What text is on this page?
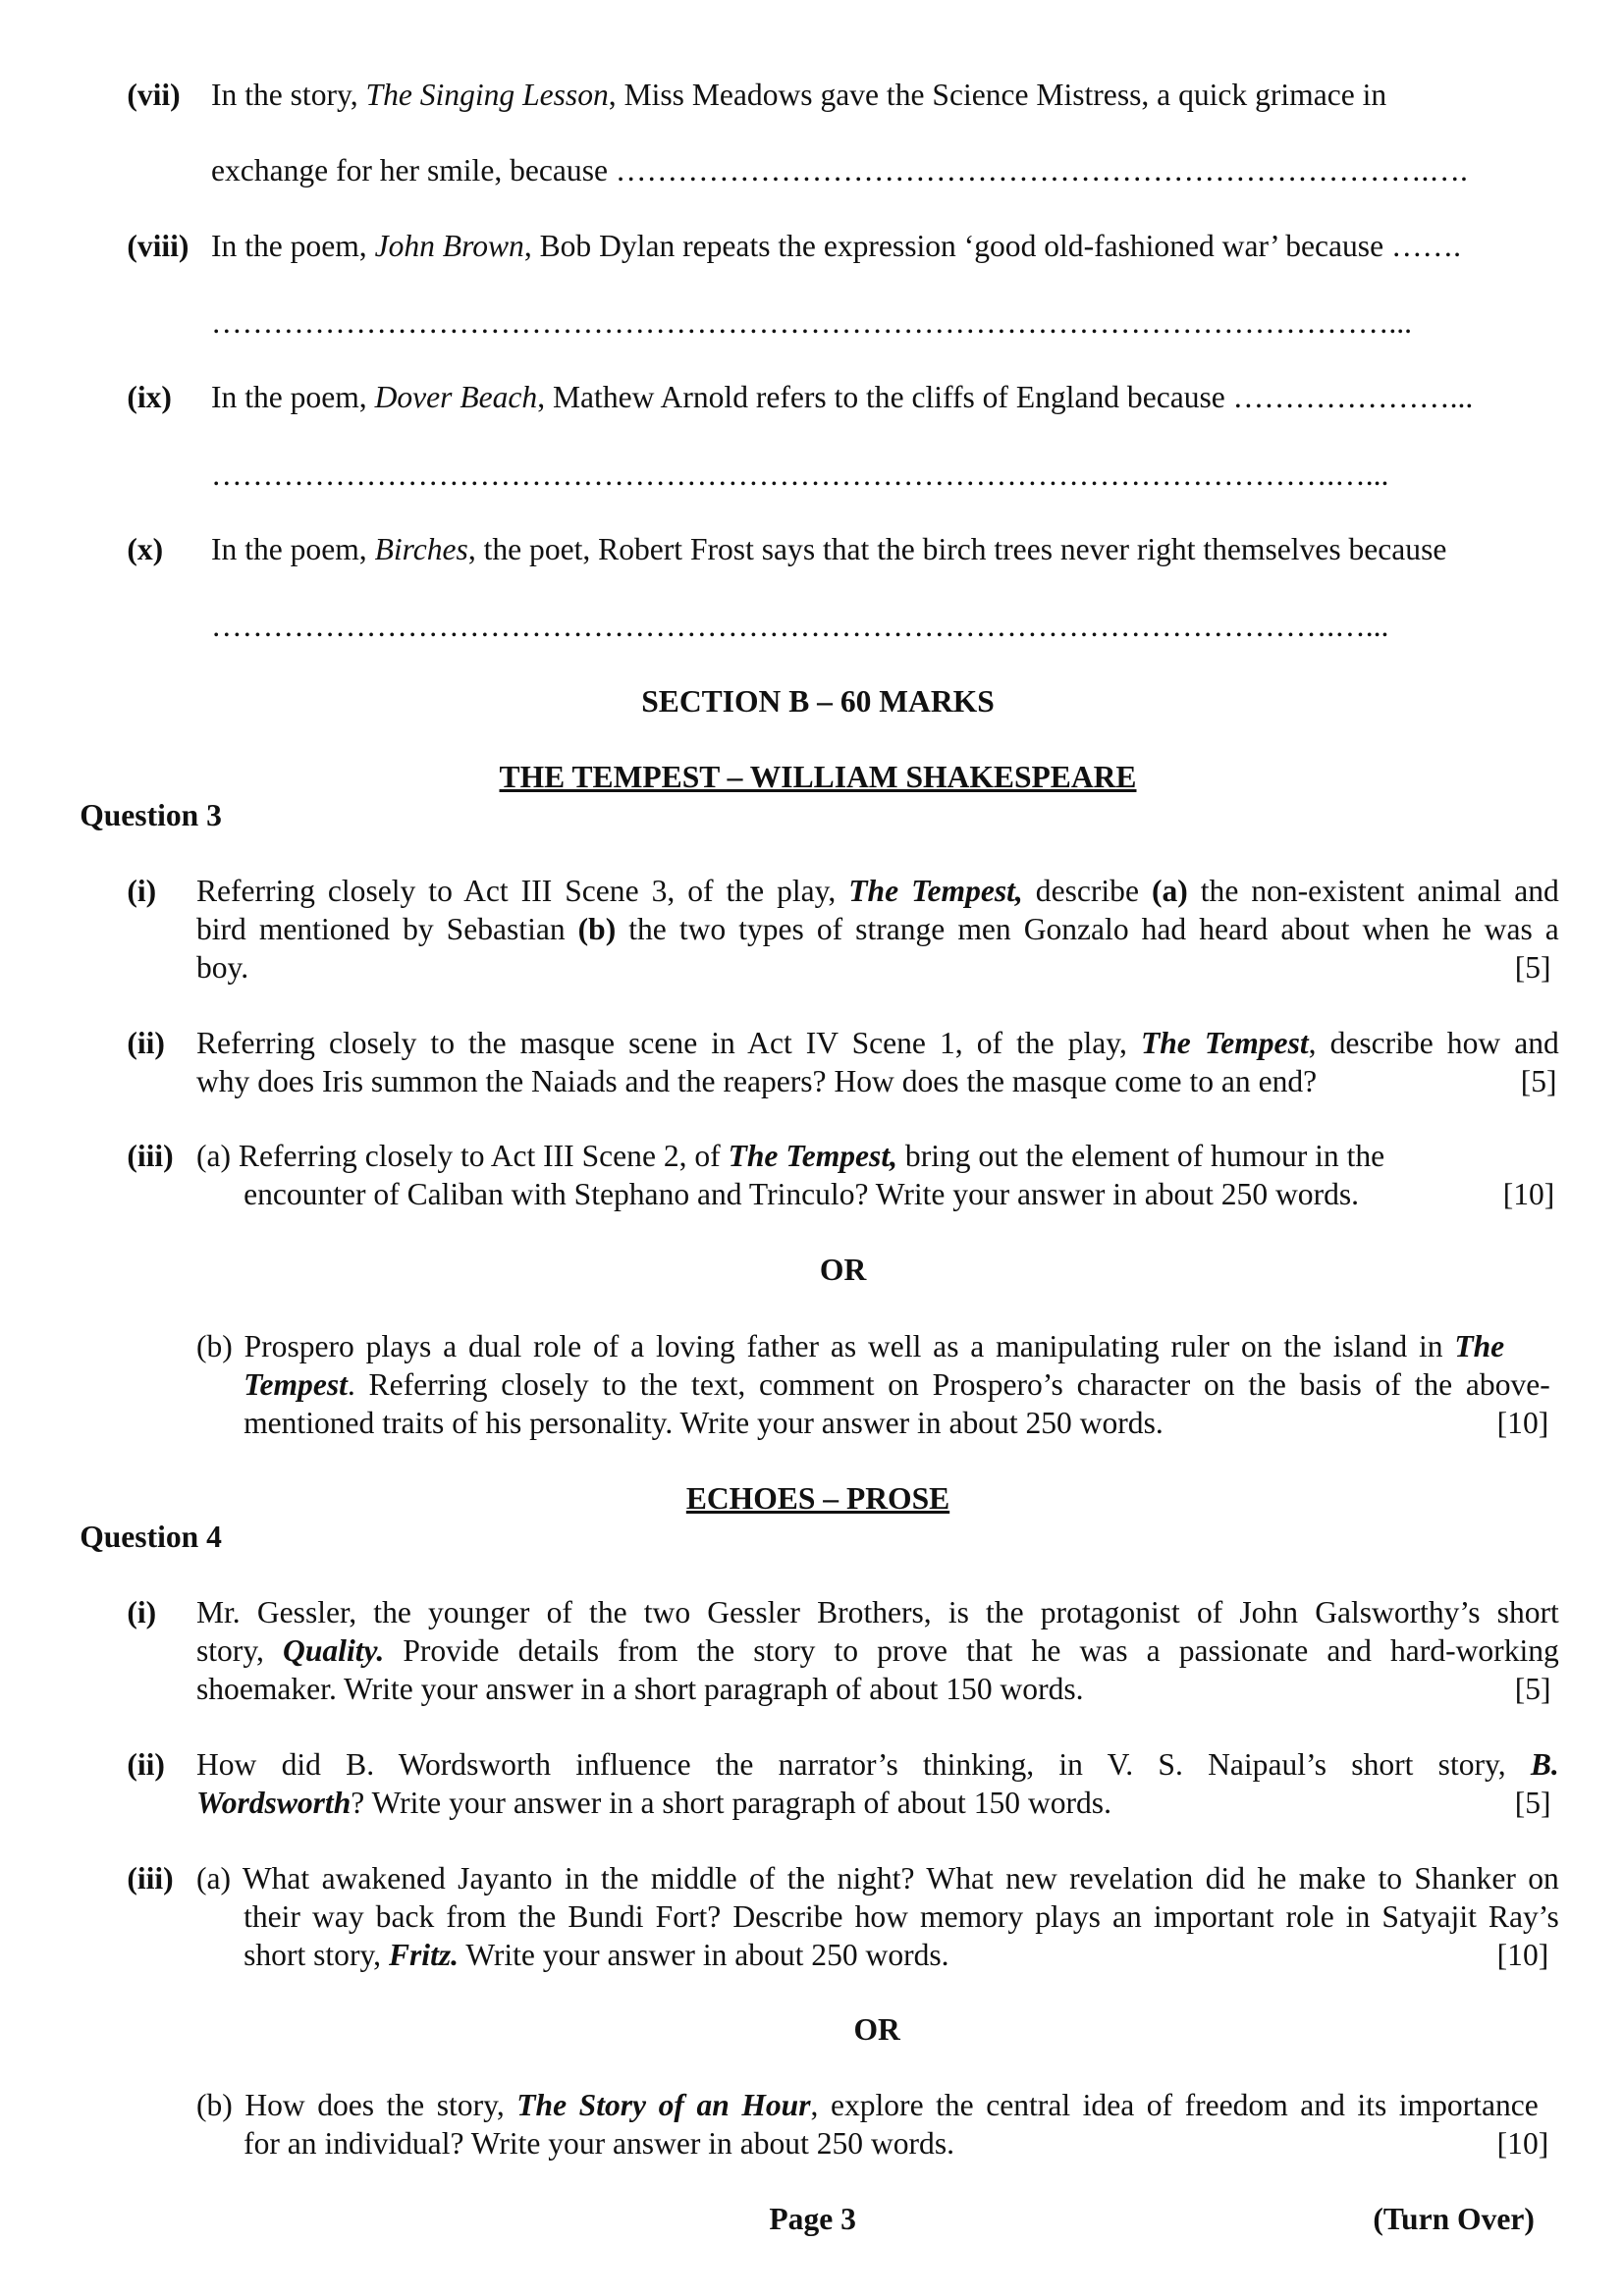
(vii) In the story, The Singing Lesson, Miss Meadows gave the Science Mistress, a quick grimace in
exchange for her smile, because …………………………………………………………………….….
(viii) In the poem, John Brown, Bob Dylan repeats the expression ‘good old-fashioned war’ because …….
……………………………………………………………………………………………………...
(ix) In the poem, Dover Beach, Mathew Arnold refers to the cliffs of England because …………………...
……………………………………………………………………………………………….…...
(x) In the poem, Birches, the poet, Robert Frost says that the birch trees never right themselves because
……………………………………………………………………………………………….…...
SECTION B – 60 MARKS
THE TEMPEST – WILLIAM SHAKESPEARE
Question 3
(i) Referring closely to Act III Scene 3, of the play, The Tempest, describe (a) the non-existent animal and
bird mentioned by Sebastian (b) the two types of strange men Gonzalo had heard about when he was a
boy.	[5]
(ii) Referring closely to the masque scene in Act IV Scene 1, of the play, The Tempest, describe how and
why does Iris summon the Naiads and the reapers? How does the masque come to an end?	[5]
(iii) (a) Referring closely to Act III Scene 2, of The Tempest, bring out the element of humour in the
encounter of Caliban with Stephano and Trinculo? Write your answer in about 250 words.	[10]
OR
(b) Prospero plays a dual role of a loving father as well as a manipulating ruler on the island in The
Tempest. Referring closely to the text, comment on Prospero’s character on the basis of the above-
mentioned traits of his personality. Write your answer in about 250 words.	[10]
ECHOES – PROSE
Question 4
(i) Mr. Gessler, the younger of the two Gessler Brothers, is the protagonist of John Galsworthy’s short
story, Quality. Provide details from the story to prove that he was a passionate and hard-working
shoemaker. Write your answer in a short paragraph of about 150 words.	[5]
(ii) How did B. Wordsworth influence the narrator’s thinking, in V. S. Naipaul’s short story, B.
Wordsworth? Write your answer in a short paragraph of about 150 words.	[5]
(iii) (a) What awakened Jayanto in the middle of the night? What new revelation did he make to Shanker on
their way back from the Bundi Fort? Describe how memory plays an important role in Satyajit Ray’s
short story, Fritz. Write your answer in about 250 words.	[10]
OR
(b) How does the story, The Story of an Hour, explore the central idea of freedom and its importance
for an individual? Write your answer in about 250 words.	[10]
Page 3	(Turn Over)
